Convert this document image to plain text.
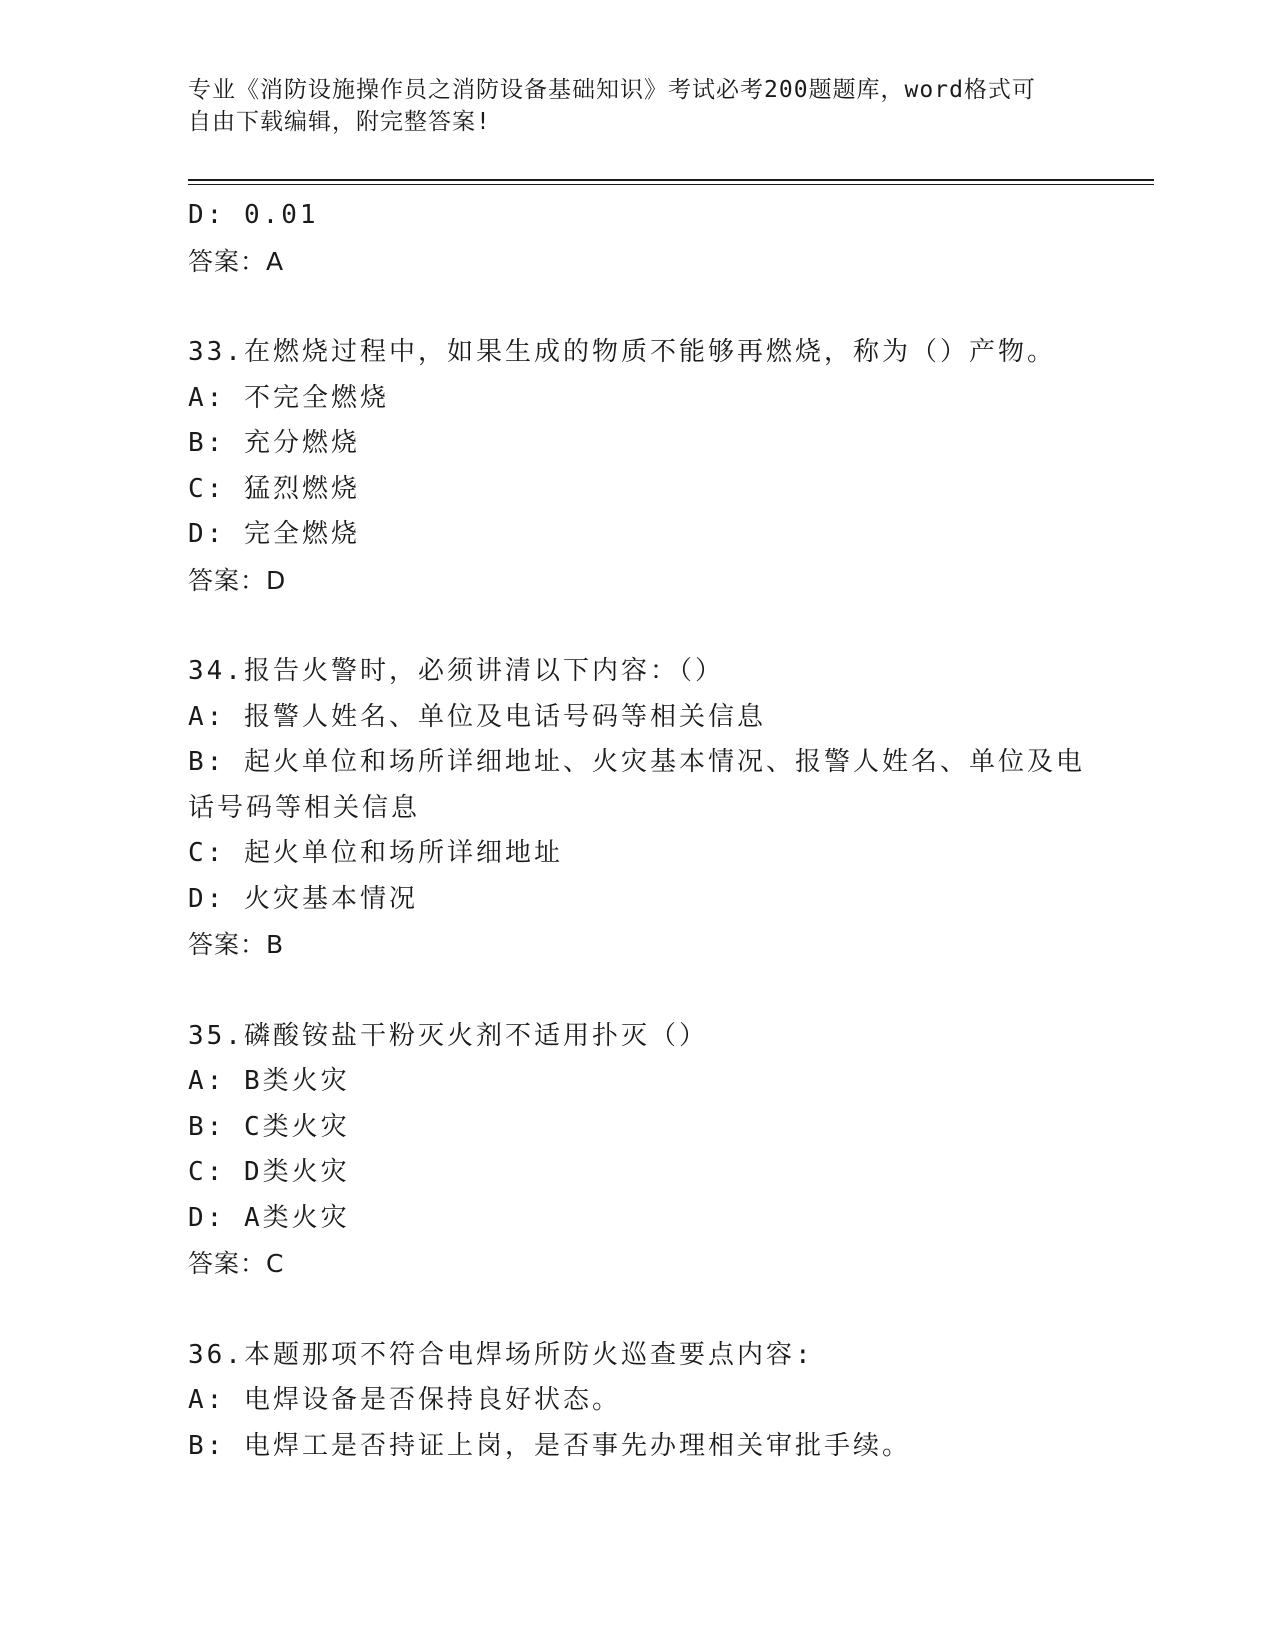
专业《消防设施操作员之消防设备基础知识》考试必考200题题库，word格式可
自由下载编辑，附完整答案!
D: 0.01
答案：A
33.在燃烧过程中，如果生成的物质不能够再燃烧，称为（）产物。
A: 不完全燃烧
B: 充分燃烧
C: 猛烈燃烧
D: 完全燃烧
答案：D
34.报告火警时，必须讲清以下内容：（）
A: 报警人姓名、单位及电话号码等相关信息
B: 起火单位和场所详细地址、火灾基本情况、报警人姓名、单位及电
话号码等相关信息
C: 起火单位和场所详细地址
D: 火灾基本情况
答案：B
35.磷酸铵盐干粉灭火剂不适用扑灭（）
A: B类火灾
B: C类火灾
C: D类火灾
D: A类火灾
答案：C
36.本题那项不符合电焊场所防火巡查要点内容:
A: 电焊设备是否保持良好状态。
B: 电焊工是否持证上岗，是否事先办理相关审批手续。
